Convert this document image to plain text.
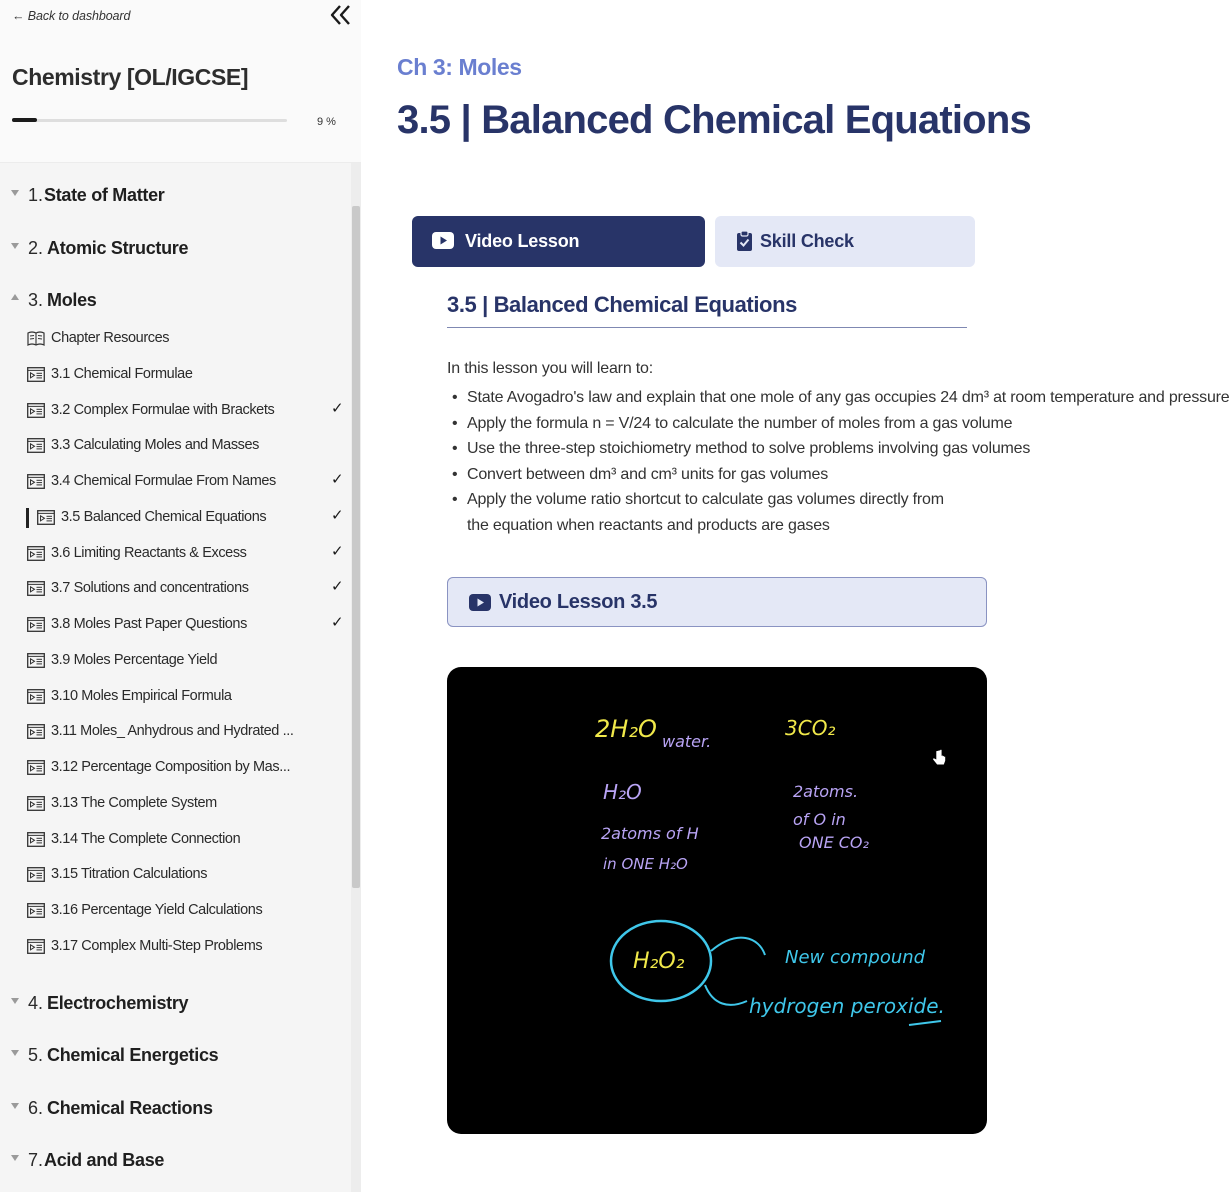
← Back to dashboard
Chemistry [OL/IGCSE]
9 %
1. State of Matter
2. Atomic Structure
3. Moles
Chapter Resources
3.1 Chemical Formulae
3.2 Complex Formulae with Brackets	✓
3.3 Calculating Moles and Masses
3.4 Chemical Formulae From Names	✓
3.5 Balanced Chemical Equations	✓
3.6 Limiting Reactants & Excess	✓
3.7 Solutions and concentrations	✓
3.8 Moles Past Paper Questions	✓
3.9 Moles Percentage Yield
3.10 Moles Empirical Formula
3.11 Moles_ Anhydrous and Hydrated ...
3.12 Percentage Composition by Mas...
3.13 The Complete System
3.14 The Complete Connection
3.15 Titration Calculations
3.16 Percentage Yield Calculations
3.17 Complex Multi-Step Problems
4. Electrochemistry
5. Chemical Energetics
6. Chemical Reactions
7. Acid and Base
Ch 3: Moles
3.5 | Balanced Chemical Equations
Video Lesson	Skill Check
3.5 | Balanced Chemical Equations

In this lesson you will learn to:

• State Avogadro's law and explain that one mole of any gas occupies 24 dm³ at room temperature and pressure
• Apply the formula n = V/24 to calculate the number of moles from a gas volume
• Use the three-step stoichiometry method to solve problems involving gas volumes
• Convert between dm³ and cm³ units for gas volumes
• Apply the volume ratio shortcut to calculate gas volumes directly from the equation when reactants and products are gases
Video Lesson 3.5
2H₂O water.
3CO₂
H₂O
2atoms of H
in ONE H₂O
2atoms.
of O in
ONE CO₂
H₂O₂	New compound
hydrogen peroxide.
